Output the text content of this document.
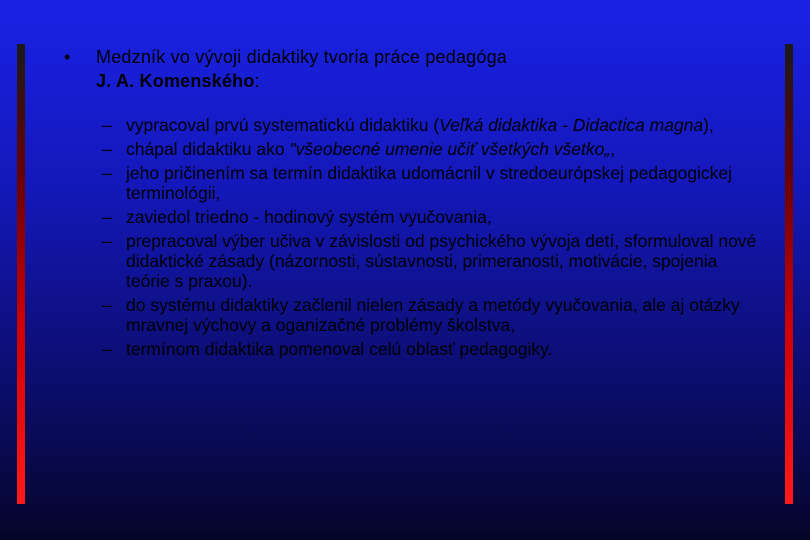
• Medzník vo vývoji didaktiky tvoria práce pedagóga
J. A. Komenského:
– vypracoval prvú systematickú didaktiku (Veľká didaktika - Didactica magna),
– chápal didaktiku ako "všeobecné umenie učiť všetkých všetko„,
– jeho pričinením sa termín didaktika udomácnil v stredoeurópskej pedagogickej terminológii,
– zaviedol triedno - hodinový systém vyučovania,
– prepracoval výber učiva v závislosti od psychického vývoja detí, sformuloval nové didaktické zásady (názornosti, sústavnosti, primeranosti, motivácie, spojenia teórie s praxou).
– do systému didaktiky začlenil nielen zásady a metódy vyučovania, ale aj otázky mravnej výchovy a oganizačné problémy školstva,
– termínom didaktika pomenoval celú oblasť pedagogiky.
